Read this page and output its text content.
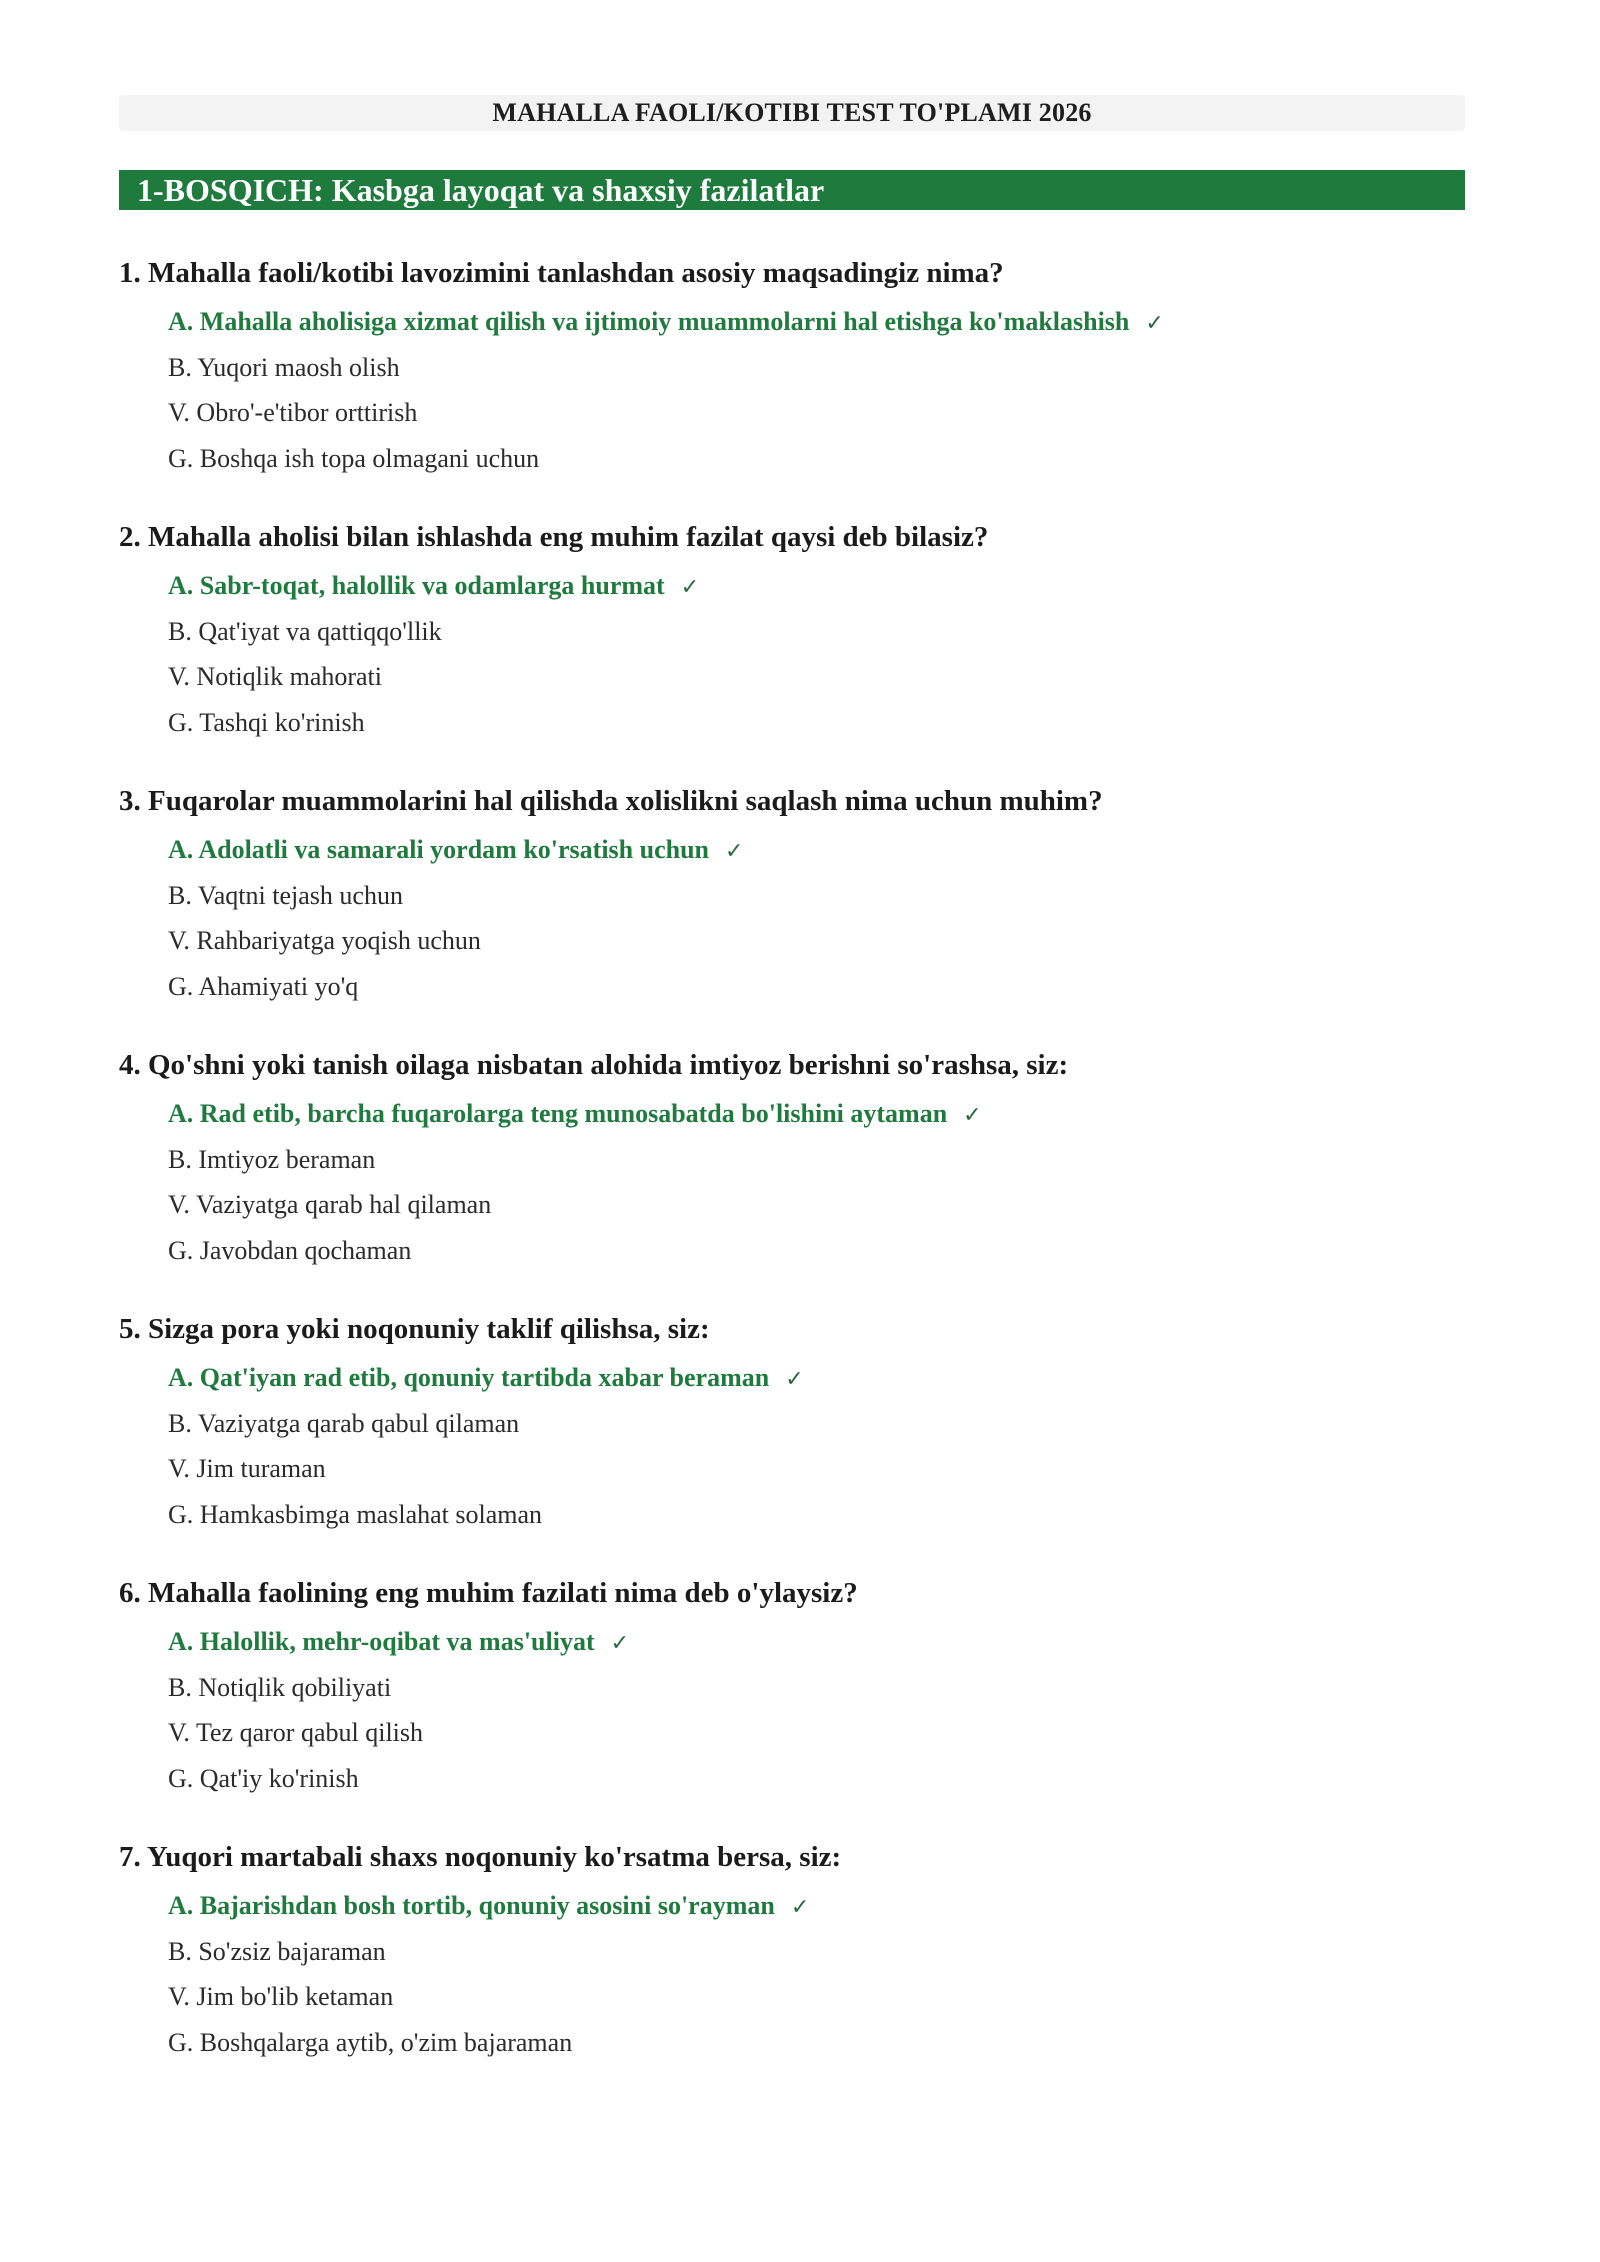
MAHALLA FAOLI/KOTIBI TEST TO'PLAMI 2026
1-BOSQICH: Kasbga layoqat va shaxsiy fazilatlar
1. Mahalla faoli/kotibi lavozimini tanlashdan asosiy maqsadingiz nima?
A. Mahalla aholisiga xizmat qilish va ijtimoiy muammolarni hal etishga ko'maklashish ✓
B. Yuqori maosh olish
V. Obro'-e'tibor orttirish
G. Boshqa ish topa olmagani uchun
2. Mahalla aholisi bilan ishlashda eng muhim fazilat qaysi deb bilasiz?
A. Sabr-toqat, halollik va odamlarga hurmat ✓
B. Qat'iyat va qattiqqo'llik
V. Notiqlik mahorati
G. Tashqi ko'rinish
3. Fuqarolar muammolarini hal qilishda xolislikni saqlash nima uchun muhim?
A. Adolatli va samarali yordam ko'rsatish uchun ✓
B. Vaqtni tejash uchun
V. Rahbariyatga yoqish uchun
G. Ahamiyati yo'q
4. Qo'shni yoki tanish oilaga nisbatan alohida imtiyoz berishni so'rashsa, siz:
A. Rad etib, barcha fuqarolarga teng munosabatda bo'lishini aytaman ✓
B. Imtiyoz beraman
V. Vaziyatga qarab hal qilaman
G. Javobdan qochaman
5. Sizga pora yoki noqonuniy taklif qilishsa, siz:
A. Qat'iyan rad etib, qonuniy tartibda xabar beraman ✓
B. Vaziyatga qarab qabul qilaman
V. Jim turaman
G. Hamkasbimga maslahat solaman
6. Mahalla faolining eng muhim fazilati nima deb o'ylaysiz?
A. Halollik, mehr-oqibat va mas'uliyat ✓
B. Notiqlik qobiliyati
V. Tez qaror qabul qilish
G. Qat'iy ko'rinish
7. Yuqori martabali shaxs noqonuniy ko'rsatma bersa, siz:
A. Bajarishdan bosh tortib, qonuniy asosini so'rayman ✓
B. So'zsiz bajaraman
V. Jim bo'lib ketaman
G. Boshqalarga aytib, o'zim bajaraman
